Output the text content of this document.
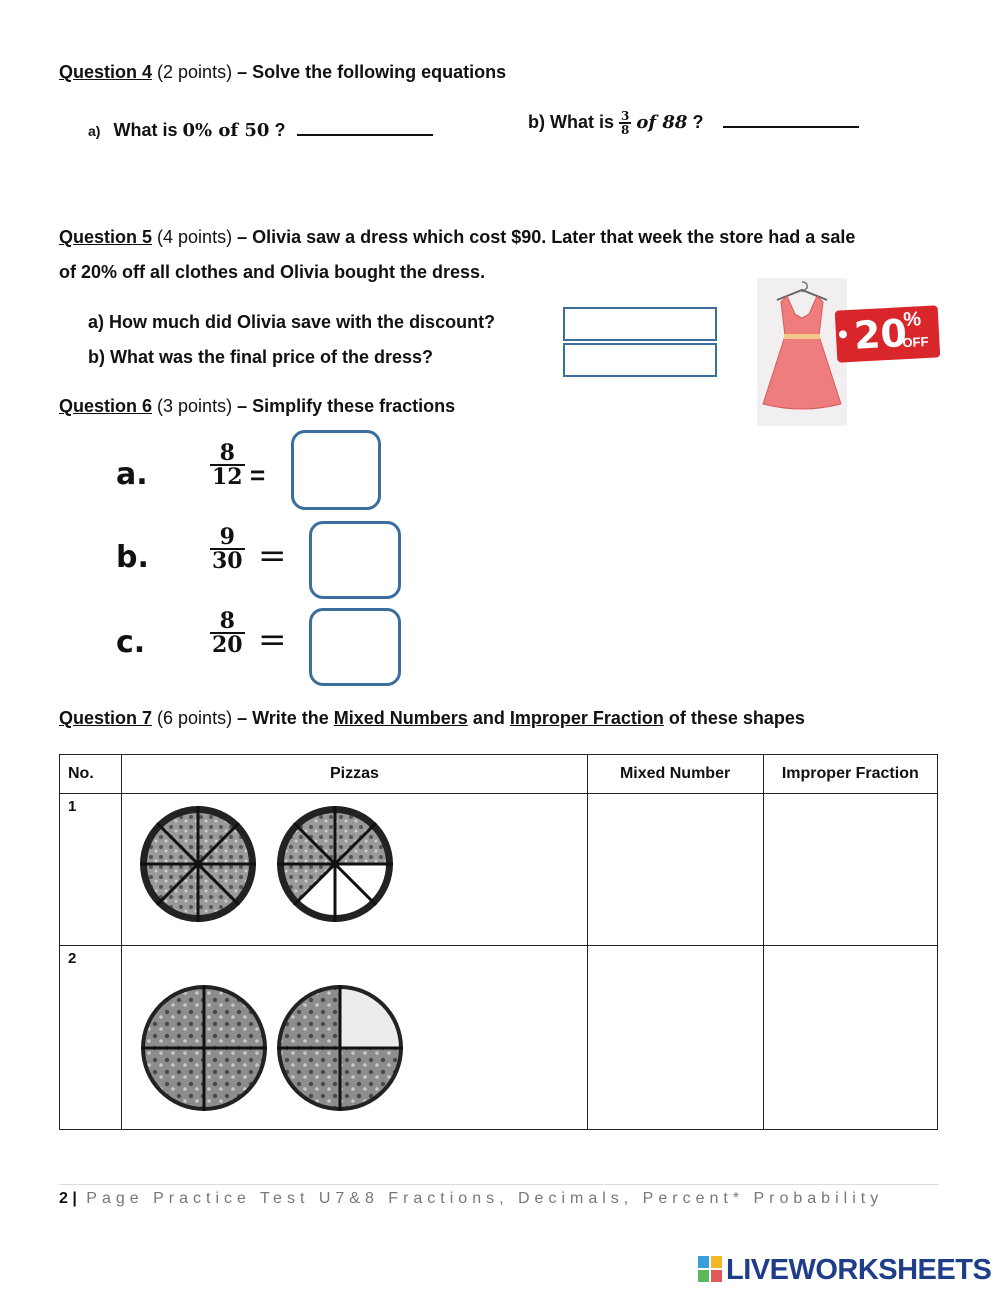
Question 4 (2 points) – Solve the following equations
a) What is 0% of 50 ?	b) What is $\frac{3}{8}$ of 88 ?
Question 5 (4 points) – Olivia saw a dress which cost $90. Later that week the store had a sale
of 20% off all clothes and Olivia bought the dress.
a) How much did Olivia save with the discount?
b) What was the final price of the dress?	20
%
OFF
Question 6 (3 points) – Simplify these fractions
a.	$\frac{8}{12}$ =
b.	$\frac{9}{30}$ =
c.	$\frac{8}{20}$ =
Question 7 (6 points) – Write the Mixed Numbers and Improper Fraction of these shapes
No.	Pizzas	Mixed Number	Improper Fraction
1	

2	

2 | Page Practice Test U7&8 Fractions, Decimals, Percent* Probability
LIVEWORKSHEETS
